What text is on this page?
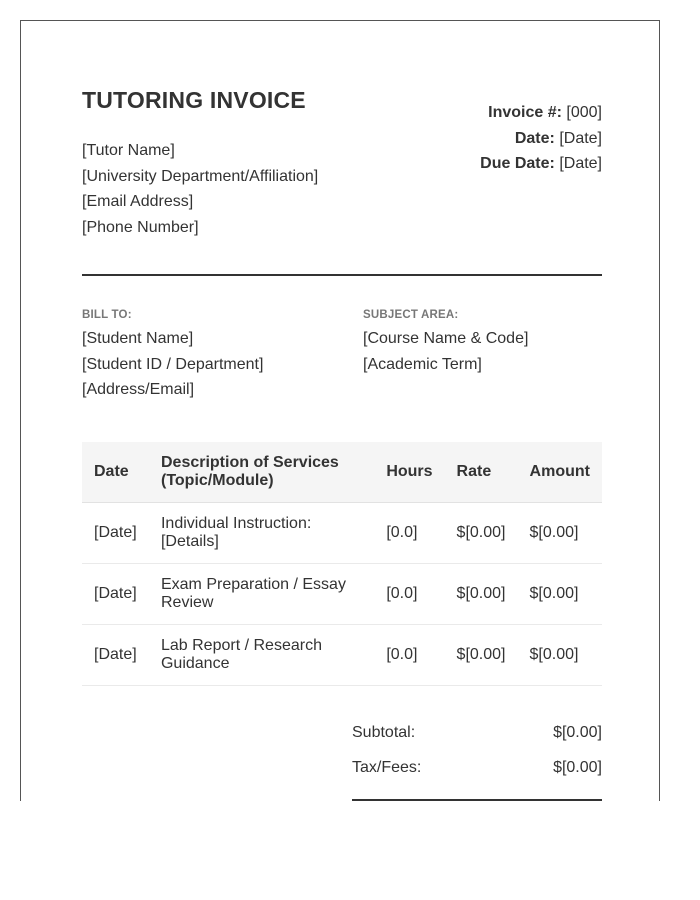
TUTORING INVOICE
[Tutor Name]
[University Department/Affiliation]
[Email Address]
[Phone Number]
Invoice #: [000]
Date: [Date]
Due Date: [Date]
BILL TO:
[Student Name]
[Student ID / Department]
[Address/Email]
SUBJECT AREA:
[Course Name & Code]
[Academic Term]
Date	Description of Services (Topic/Module)	Hours	Rate	Amount
[Date]	Individual Instruction: [Details]	[0.0]	$[0.00]	$[0.00]
[Date]	Exam Preparation / Essay Review	[0.0]	$[0.00]	$[0.00]
[Date]	Lab Report / Research Guidance	[0.0]	$[0.00]	$[0.00]
Subtotal:	$[0.00]
Tax/Fees:	$[0.00]
